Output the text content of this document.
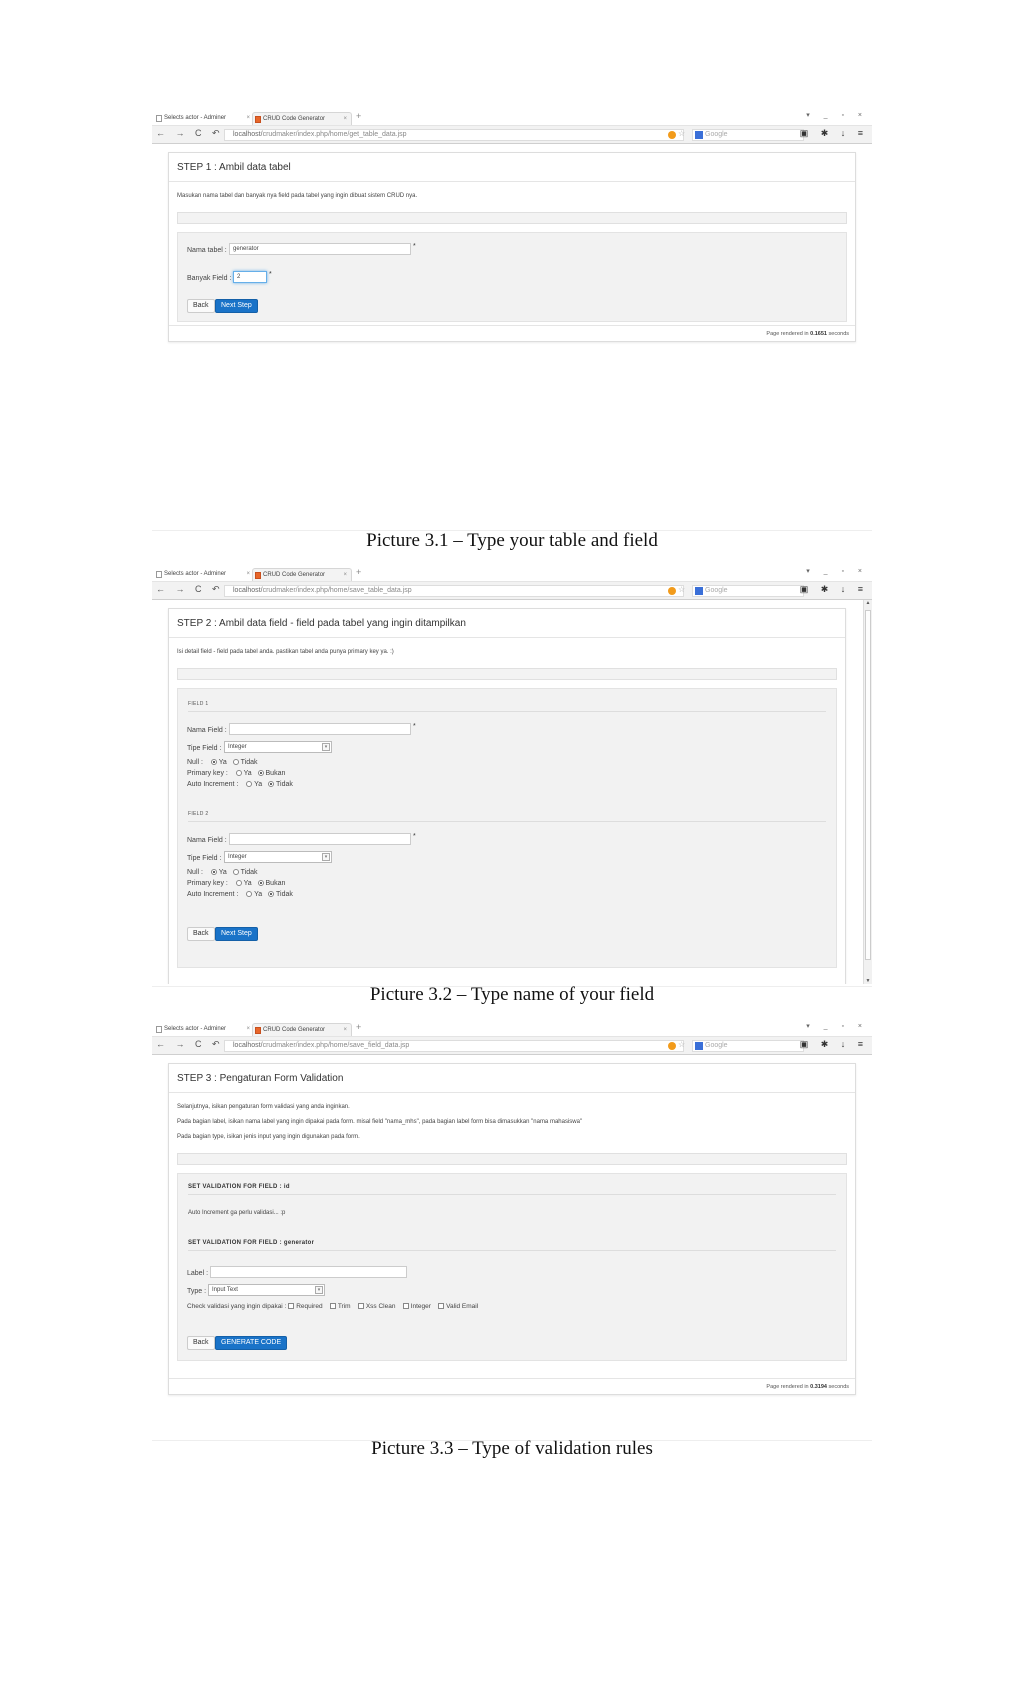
Selects actor - Adminer	×	CRUD Code Generator	× +	▾ _ ▫ ×
← → C ↶	localhost/crudmaker/index.php/home/get_table_data.jsp	☆	Google	▣ ✱ ↓ ≡
STEP 1 : Ambil data tabel
Masukan nama tabel dan banyak nya field pada tabel yang ingin dibuat sistem CRUD nya.
Nama tabel :	generator	*
Banyak Field : 2	*
Back	Next Step
Page rendered in 0.1651 seconds
Picture 3.1 – Type your table and field
Selects actor - Adminer	×	CRUD Code Generator	× +	▾ _ ▫ ×
← → C ↶	localhost/crudmaker/index.php/home/save_table_data.jsp	☆	Google	▣ ✱ ↓ ≡
STEP 2 : Ambil data field - field pada tabel yang ingin ditampilkan
Isi detail field - field pada tabel anda. pastikan tabel anda punya primary key ya. :)
FIELD 1
Nama Field :
*
Tipe Field :	Integer	▾
Null : Ya Tidak
Primary key : Ya Bukan
Auto Increment : Ya Tidak
FIELD 2
Nama Field :
*
Tipe Field :	Integer	▾
Null : Ya Tidak
Primary key : Ya Bukan
Auto Increment : Ya Tidak
Back	Next Step
▲
▼
Picture 3.2 – Type name of your field
Selects actor - Adminer	×	CRUD Code Generator	× +	▾ _ ▫ ×
← → C ↶	localhost/crudmaker/index.php/home/save_field_data.jsp	☆	Google	▣ ✱ ↓ ≡
STEP 3 : Pengaturan Form Validation
Selanjutnya, isikan pengaturan form validasi yang anda inginkan.
Pada bagian label, isikan nama label yang ingin dipakai pada form. misal field "nama_mhs", pada bagian label form bisa dimasukkan "nama mahasiswa"
Pada bagian type, isikan jenis input yang ingin digunakan pada form.
SET VALIDATION FOR FIELD : id
Auto Increment ga perlu validasi... :p
SET VALIDATION FOR FIELD : generator
Label :
Type : Input Text	▾
Check validasi yang ingin dipakai : Required Trim Xss Clean Integer Valid Email
Back	GENERATE CODE
Page rendered in 0.3194 seconds
Picture 3.3 – Type of validation rules
